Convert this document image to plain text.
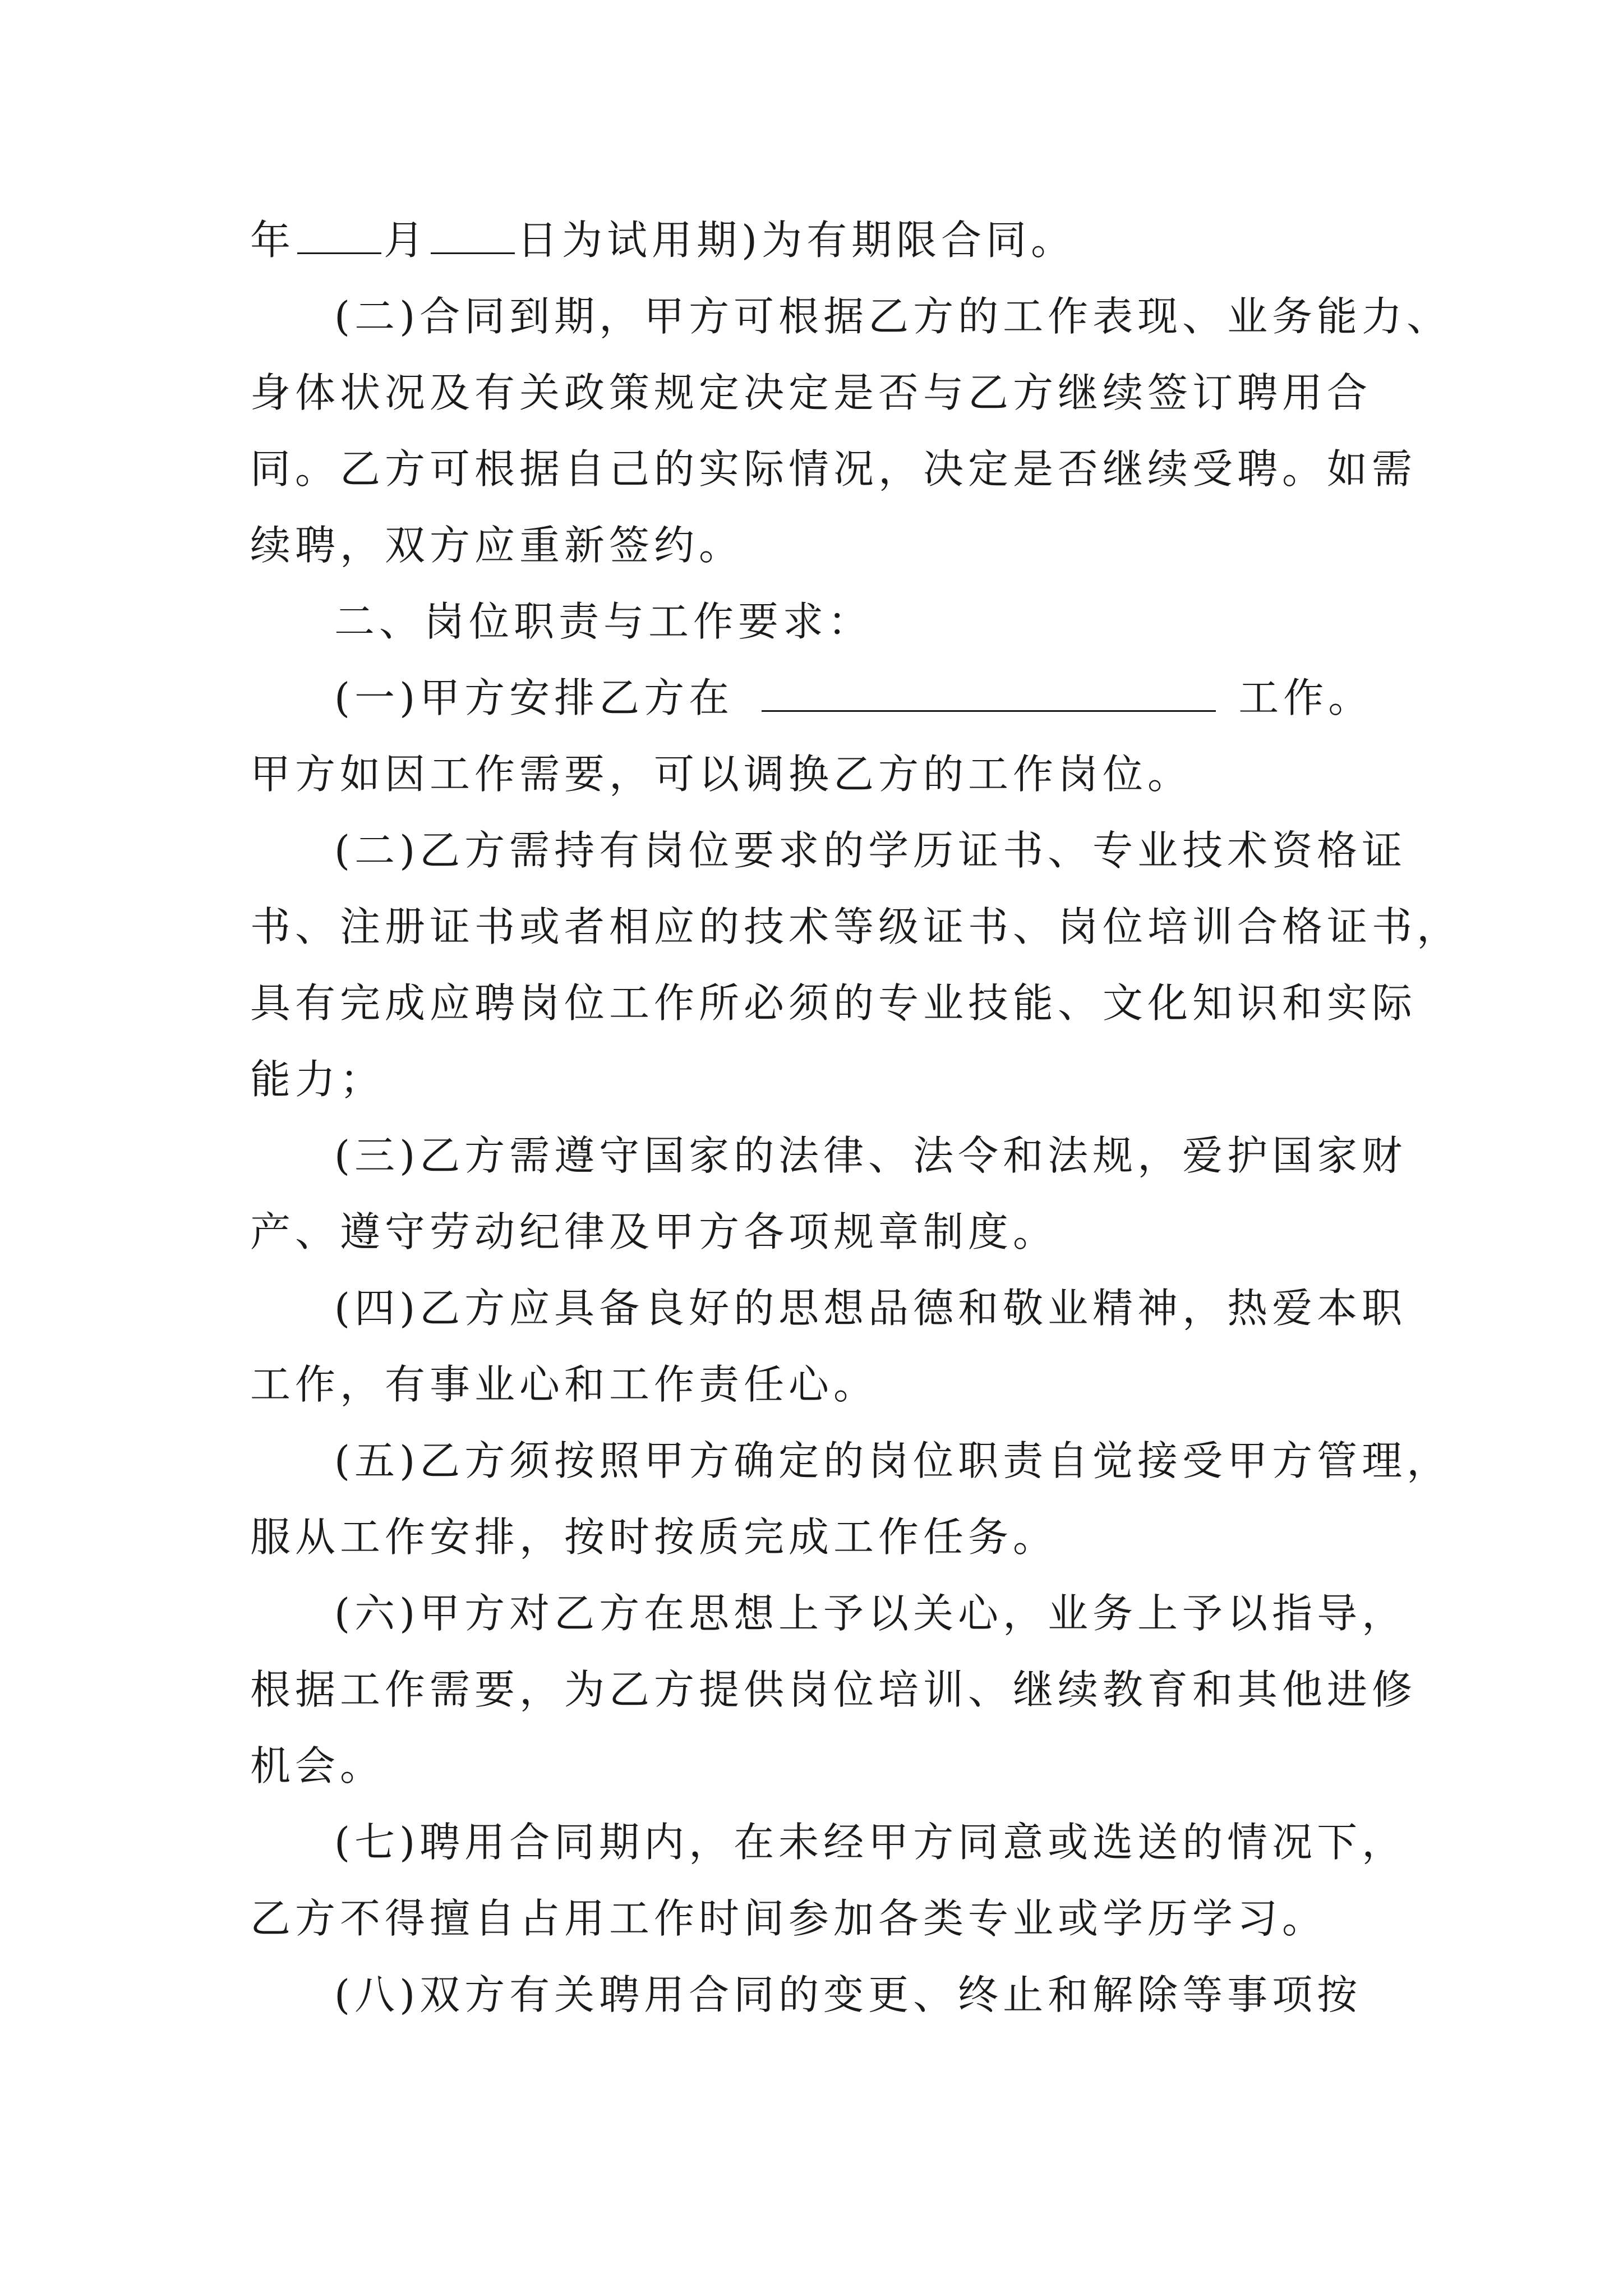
年 月 日为试用期)为有期限合同。
(二)合同到期，甲方可根据乙方的工作表现、业务能力、
身体状况及有关政策规定决定是否与乙方继续签订聘用合
同。乙方可根据自己的实际情况，决定是否继续受聘。如需
续聘，双方应重新签约。
二、岗位职责与工作要求：
(一)甲方安排乙方在	工作。
甲方如因工作需要，可以调换乙方的工作岗位。
(二)乙方需持有岗位要求的学历证书、专业技术资格证
书、注册证书或者相应的技术等级证书、岗位培训合格证书，
具有完成应聘岗位工作所必须的专业技能、文化知识和实际
能力；
(三)乙方需遵守国家的法律、法令和法规，爱护国家财
产、遵守劳动纪律及甲方各项规章制度。
(四)乙方应具备良好的思想品德和敬业精神，热爱本职
工作，有事业心和工作责任心。
(五)乙方须按照甲方确定的岗位职责自觉接受甲方管理，
服从工作安排，按时按质完成工作任务。
(六)甲方对乙方在思想上予以关心，业务上予以指导，
根据工作需要，为乙方提供岗位培训、继续教育和其他进修
机会。
(七)聘用合同期内，在未经甲方同意或选送的情况下，
乙方不得擅自占用工作时间参加各类专业或学历学习。
(八)双方有关聘用合同的变更、终止和解除等事项按
